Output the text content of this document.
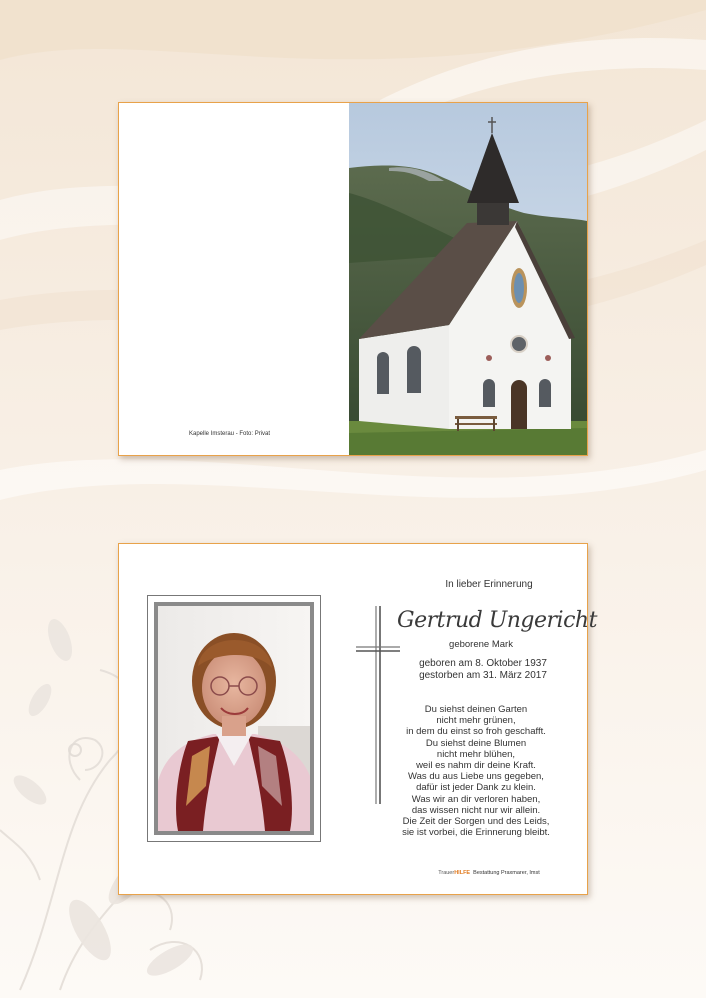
Kapelle Imsterau - Foto: Privat
In lieber Erinnerung
Gertrud Ungericht
geborene Mark
geboren am 8. Oktober 1937
gestorben am 31. März 2017
Du siehst deinen Garten
nicht mehr grünen,
in dem du einst so froh geschafft.
Du siehst deine Blumen
nicht mehr blühen,
weil es nahm dir deine Kraft.
Was du aus Liebe uns gegeben,
dafür ist jeder Dank zu klein.
Was wir an dir verloren haben,
das wissen nicht nur wir allein.
Die Zeit der Sorgen und des Leids,
sie ist vorbei, die Erinnerung bleibt.
TrauerHILFE Bestattung Praxmarer, Imst
